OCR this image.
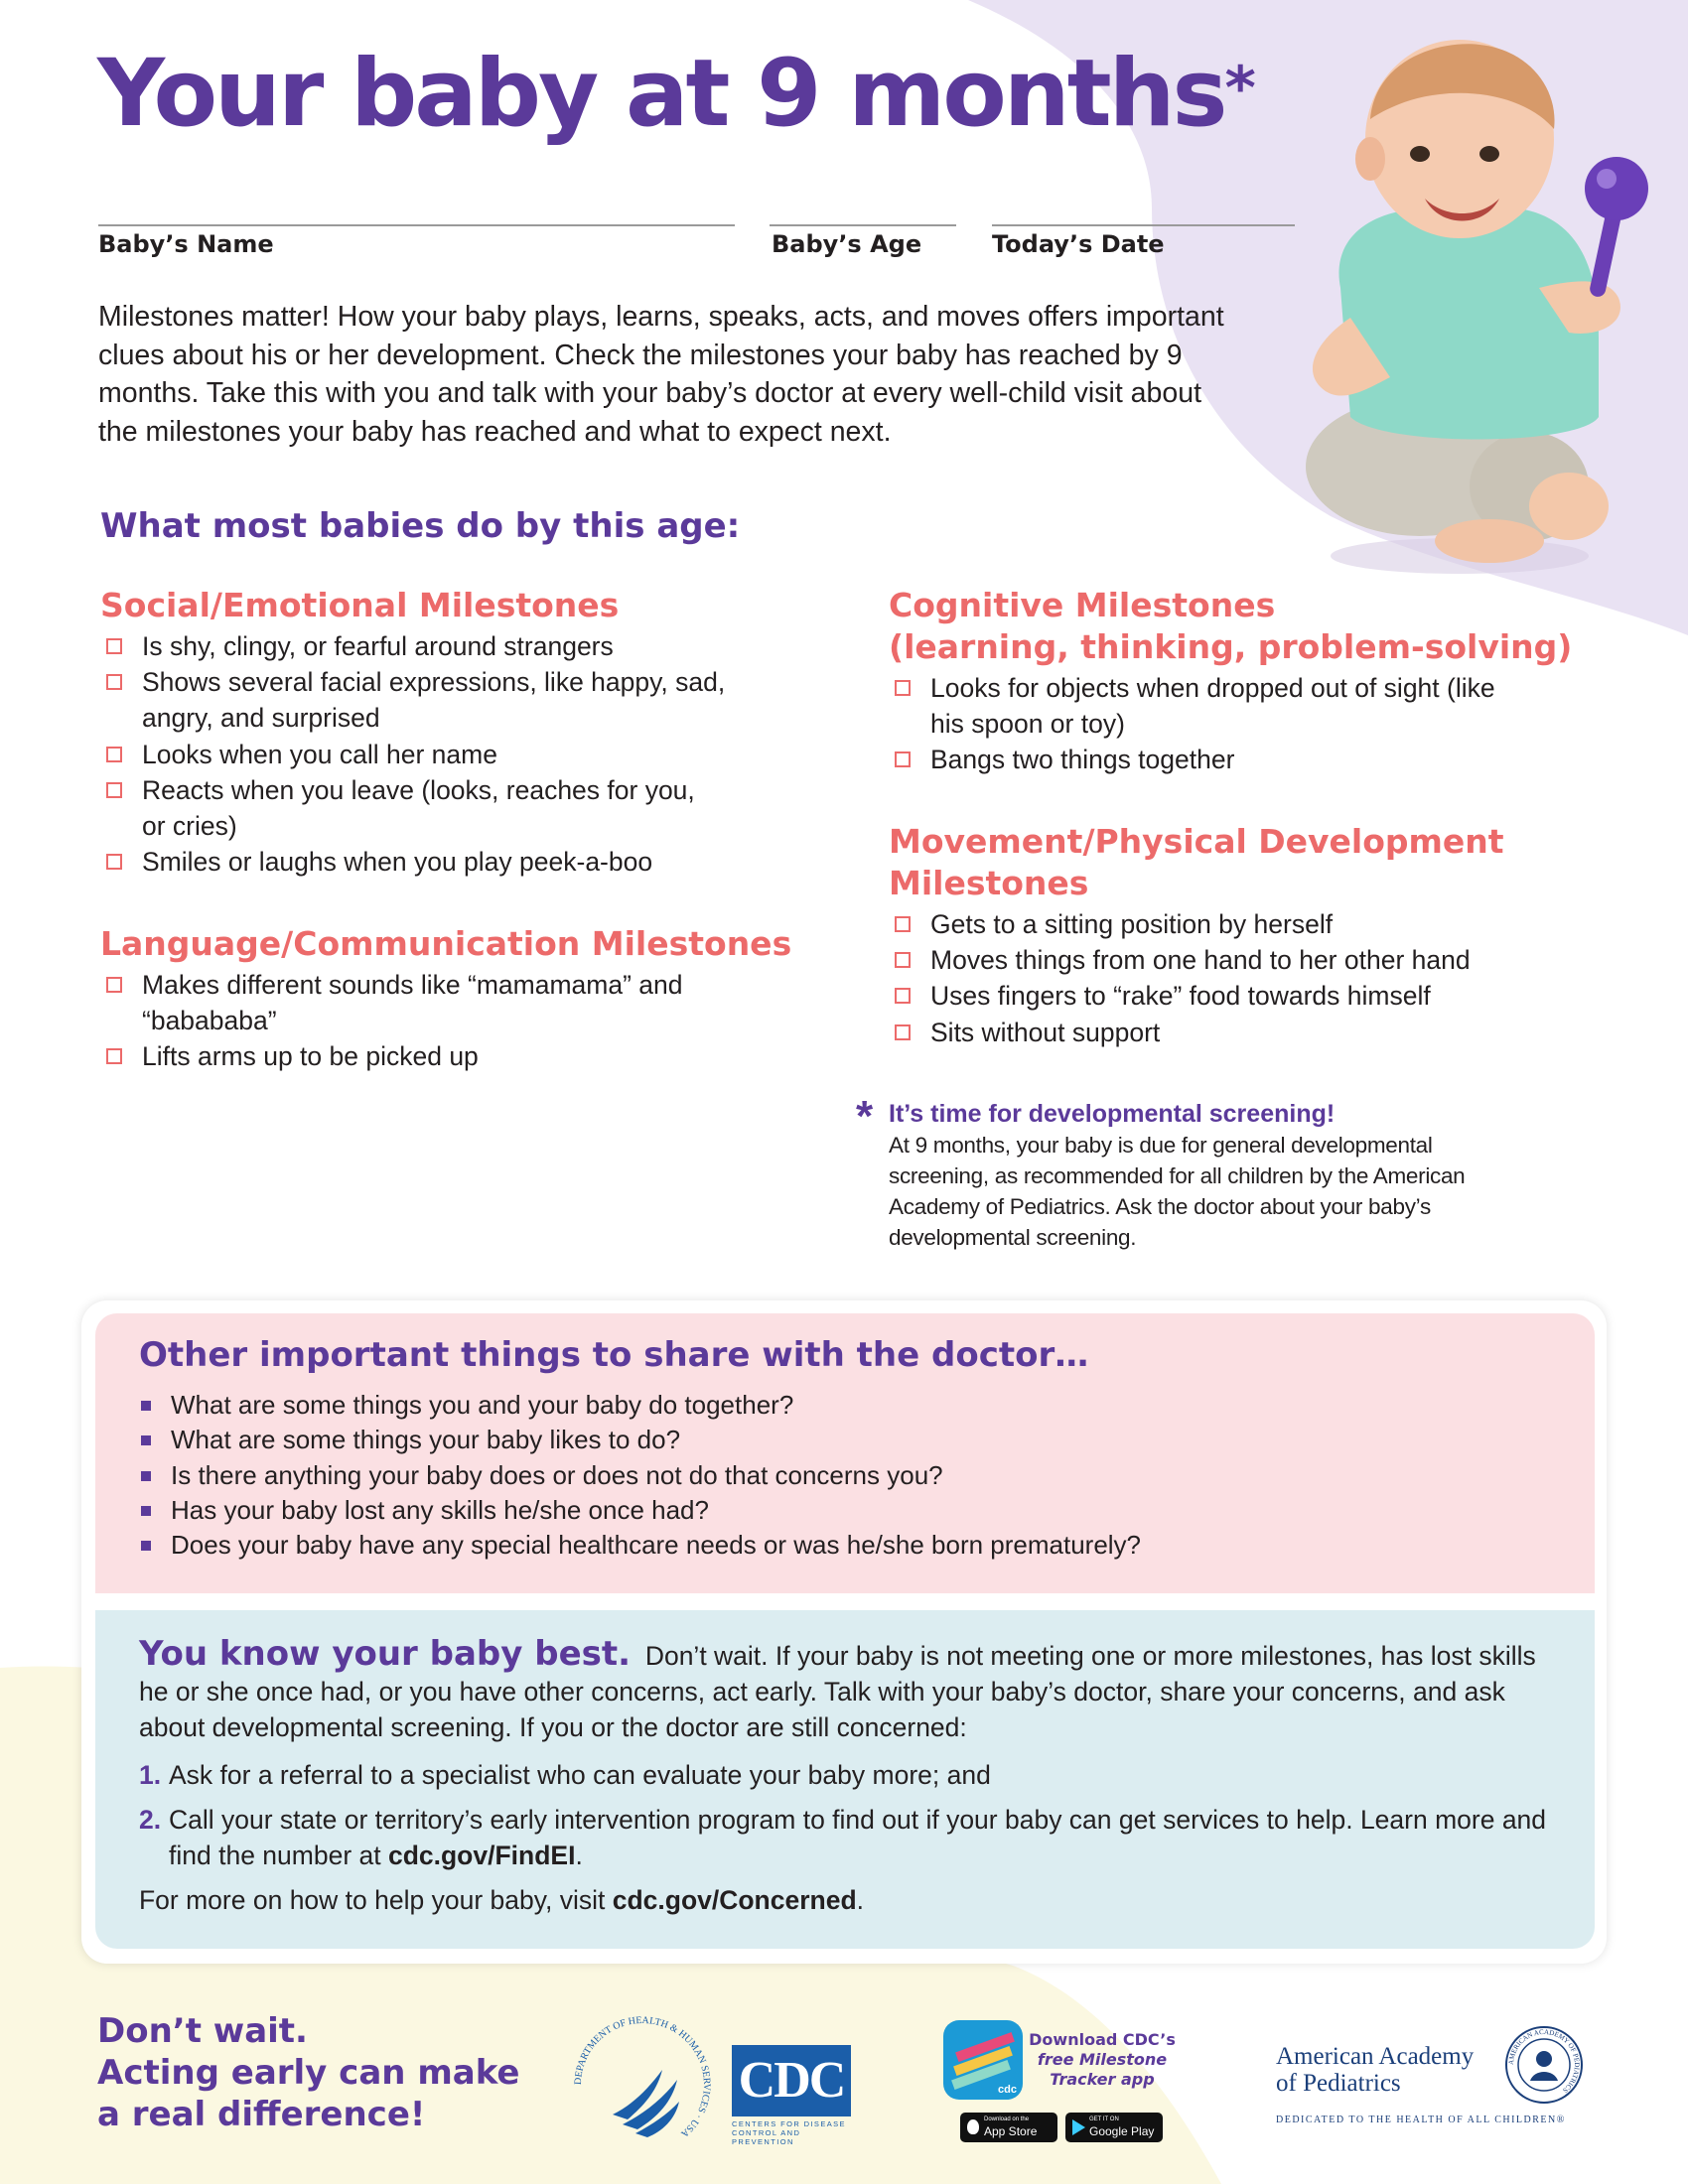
Your baby at 9 months*
Baby’s Name	Baby’s Age	Today’s Date
Milestones matter! How your baby plays, learns, speaks, acts, and moves offers important clues about his or her development. Check the milestones your baby has reached by 9 months. Take this with you and talk with your baby’s doctor at every well-child visit about the milestones your baby has reached and what to expect next.
What most babies do by this age:
Social/Emotional Milestones
Is shy, clingy, or fearful around strangers
Shows several facial expressions, like happy, sad, angry, and surprised
Looks when you call her name
Reacts when you leave (looks, reaches for you, or cries)
Smiles or laughs when you play peek-a-boo
Language/Communication Milestones
Makes different sounds like “mamamama” and “babababa”
Lifts arms up to be picked up
Cognitive Milestones
(learning, thinking, problem-solving)
Looks for objects when dropped out of sight (like his spoon or toy)
Bangs two things together
Movement/Physical Development
Milestones
Gets to a sitting position by herself
Moves things from one hand to her other hand
Uses fingers to “rake” food towards himself
Sits without support
* It’s time for developmental screening!
At 9 months, your baby is due for general developmental screening, as recommended for all children by the American Academy of Pediatrics. Ask the doctor about your baby’s developmental screening.
Other important things to share with the doctor…
What are some things you and your baby do together?
What are some things your baby likes to do?
Is there anything your baby does or does not do that concerns you?
Has your baby lost any skills he/she once had?
Does your baby have any special healthcare needs or was he/she born prematurely?
You know your baby best. Don’t wait. If your baby is not meeting one or more milestones, has lost skills he or she once had, or you have other concerns, act early. Talk with your baby’s doctor, share your concerns, and ask about developmental screening. If you or the doctor are still concerned:
1. Ask for a referral to a specialist who can evaluate your baby more; and
2. Call your state or territory’s early intervention program to find out if your baby can get services to help. Learn more and find the number at cdc.gov/FindEI.
For more on how to help your baby, visit cdc.gov/Concerned.
Don’t wait.
Acting early can make
a real difference!
DEPARTMENT OF HEALTH & HUMAN SERVICES · USA
CDC
CENTERS FOR DISEASE
CONTROL AND PREVENTION
cdc
Download CDC’s
free Milestone
Tracker app
Download on the
App Store
GET IT ON
Google Play
American Academy
of Pediatrics
DEDICATED TO THE HEALTH OF ALL CHILDREN®
AMERICAN ACADEMY OF PEDIATRICS
